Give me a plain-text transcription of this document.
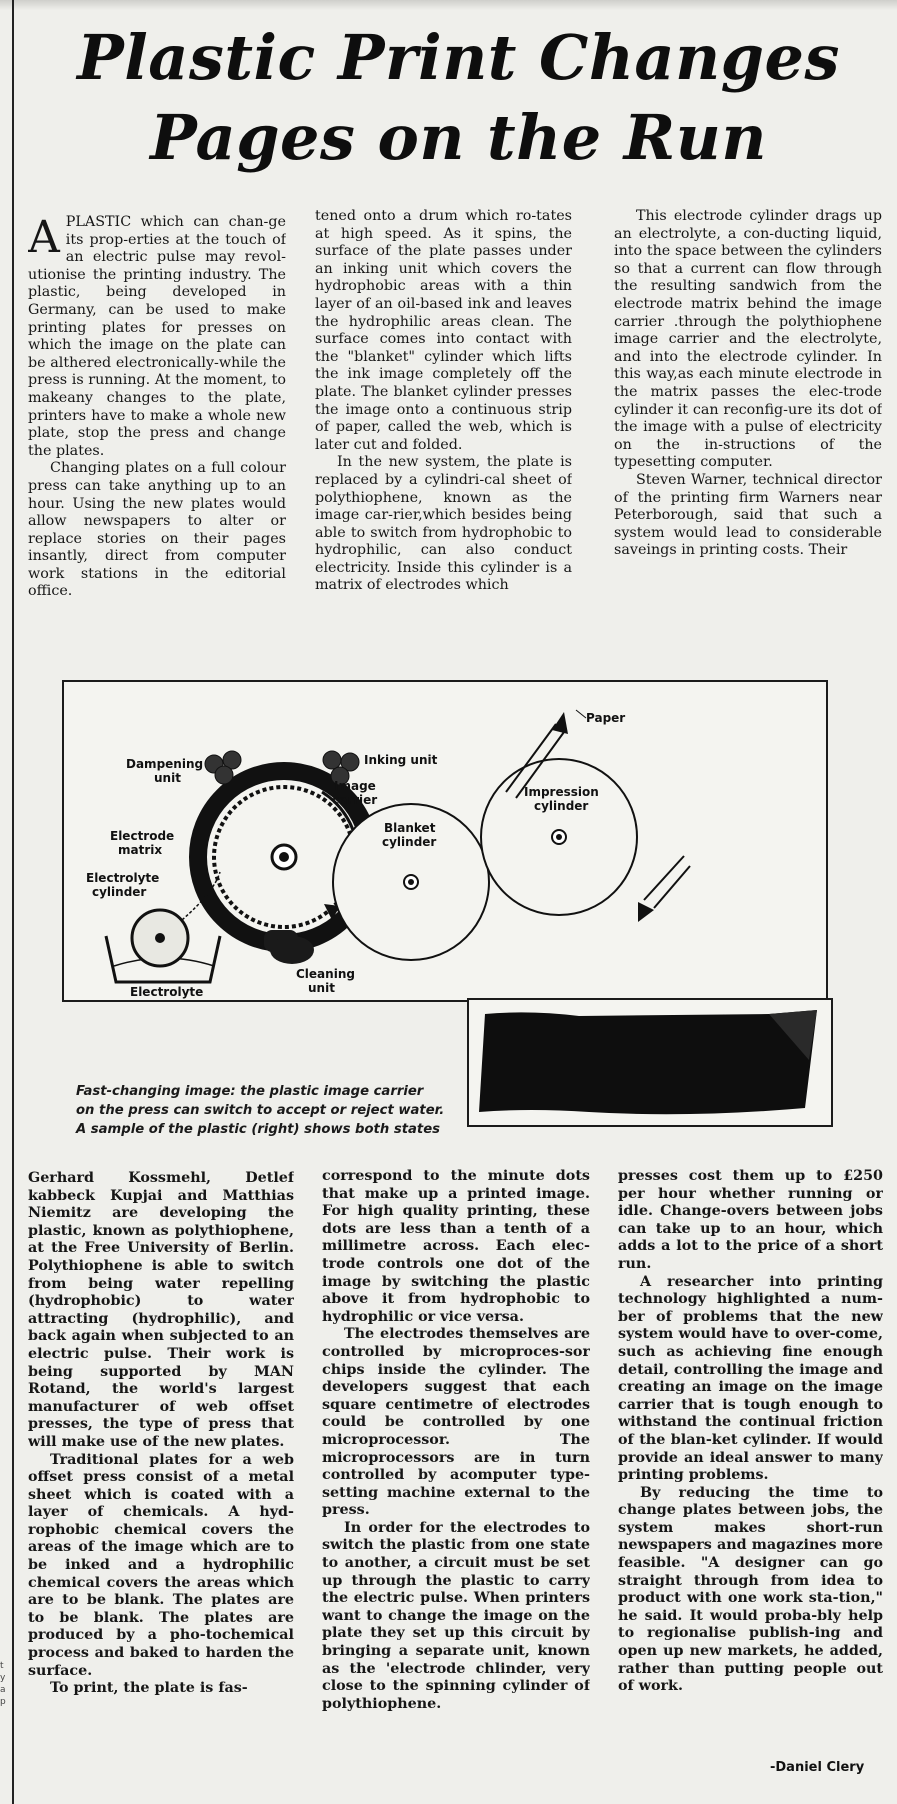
Plastic Print Changes
Pages on the Run

APLASTIC which can chan-ge its prop-erties at the touch of an electric pulse may revol-utionise the printing industry. The plastic, being developed in Germany, can be used to make printing plates for presses on which the image on the plate can be althered electronically-while the press is running. At the moment, to makeany changes to the plate, printers have to make a whole new plate, stop the press and change the plates.

Changing plates on a full colour press can take anything up to an hour. Using the new plates would allow newspapers to alter or replace stories on their pages insantly, direct from computer work stations in the editorial office.

tened onto a drum which ro-tates at high speed. As it spins, the surface of the plate passes under an inking unit which covers the hydrophobic areas with a thin layer of an oil-based ink and leaves the hydrophilic areas clean. The surface comes into contact with the "blanket" cylinder which lifts the ink image completely off the plate. The blanket cylinder presses the image onto a continuous strip of paper, called the web, which is later cut and folded.

In the new system, the plate is replaced by a cylindri-cal sheet of polythiophene, known as the image car-rier,which besides being able to switch from hydrophobic to hydrophilic, can also conduct electricity. Inside this cylinder is a matrix of electrodes which

This electrode cylinder drags up an electrolyte, a con-ducting liquid, into the space between the cylinders so that a current can flow through the resulting sandwich from the electrode matrix behind the image carrier .through the polythiophene image carrier and the electrolyte, and into the electrode cylinder. In this way,as each minute electrode in the matrix passes the elec-trode cylinder it can reconfig-ure its dot of the image with a pulse of electricity on the in-structions of the typesetting computer.

Steven Warner, technical director of the printing firm Warners near Peterborough, said that such a system would lead to considerable saveings in printing costs. Their

Dampening
unit
Inking unit
Image
carrier
Electrode
matrix
Electrolyte
cylinder
Blanket
cylinder
Impression
cylinder
Paper
Cleaning
unit
Electrolyte
Fast-changing image: the plastic image carrier
on the press can switch to accept or reject water.
A sample of the plastic (right) shows both states

Gerhard Kossmehl, Detlef kabbeck Kupjai and Matthias Niemitz are developing the plastic, known as polythiophene, at the Free University of Berlin. Polythiophene is able to switch from being water repelling (hydrophobic) to water attracting (hydrophilic), and back again when subjected to an electric pulse. Their work is being supported by MAN Rotand, the world's largest manufacturer of web offset presses, the type of press that will make use of the new plates.

Traditional plates for a web offset press consist of a metal sheet which is coated with a layer of chemicals. A hyd-rophobic chemical covers the areas of the image which are to be inked and a hydrophilic chemical covers the areas which are to be blank. The plates are to be blank. The plates are produced by a pho-tochemical process and baked to harden the surface.

To print, the plate is fas-

correspond to the minute dots that make up a printed image. For high quality printing, these dots are less than a tenth of a millimetre across. Each elec-trode controls one dot of the image by switching the plastic above it from hydrophobic to hydrophilic or vice versa.

The electrodes themselves are controlled by microproces-sor chips inside the cylinder. The developers suggest that each square centimetre of electrodes could be controlled by one microprocessor. The microprocessors are in turn controlled by acomputer type-setting machine external to the press.

In order for the electrodes to switch the plastic from one state to another, a circuit must be set up through the plastic to carry the electric pulse. When printers want to change the image on the plate they set up this circuit by bringing a separate unit, known as the 'electrode chlinder, very close to the spinning cylinder of polythiophene.

presses cost them up to £250 per hour whether running or idle. Change-overs between jobs can take up to an hour, which adds a lot to the price of a short run.

A researcher into printing technology highlighted a num-ber of problems that the new system would have to over-come, such as achieving fine enough detail, controlling the image and creating an image on the image carrier that is tough enough to withstand the continual friction of the blan-ket cylinder. If would provide an ideal answer to many printing problems.

By reducing the time to change plates between jobs, the system makes short-run newspapers and magazines more feasible. "A designer can go straight through from idea to product with one work sta-tion," he said. It would proba-bly help to regionalise publish-ing and open up new markets, he added, rather than putting people out of work.

-Daniel Clery
t
y
a
p
